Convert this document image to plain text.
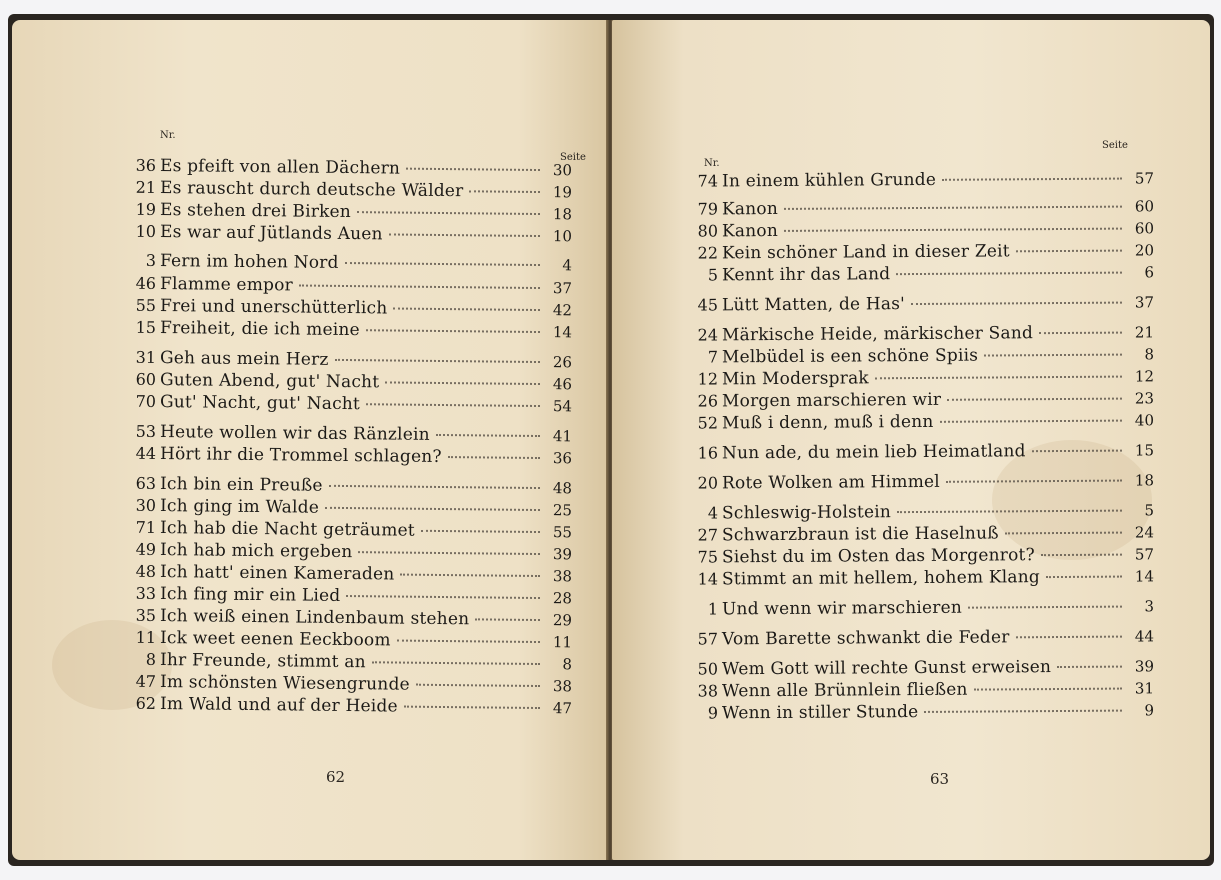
Nr.
Seite
36 Es pfeift von allen Dächern	30
21 Es rauscht durch deutsche Wälder	19
19 Es stehen drei Birken	18
10 Es war auf Jütlands Auen	10
3 Fern im hohen Nord	4
46 Flamme empor	37
55 Frei und unerschütterlich	42
15 Freiheit, die ich meine	14
31 Geh aus mein Herz	26
60 Guten Abend, gut' Nacht	46
70 Gut' Nacht, gut' Nacht	54
53 Heute wollen wir das Ränzlein	41
44 Hört ihr die Trommel schlagen?	36
63 Ich bin ein Preuße	48
30 Ich ging im Walde	25
71 Ich hab die Nacht geträumet	55
49 Ich hab mich ergeben	39
48 Ich hatt' einen Kameraden	38
33 Ich fing mir ein Lied	28
35 Ich weiß einen Lindenbaum stehen	29
11 Ick weet eenen Eeckboom	11
8 Ihr Freunde, stimmt an	8
47 Im schönsten Wiesengrunde	38
62 Im Wald und auf der Heide	47
62
Nr.
Seite
74 In einem kühlen Grunde	57
79 Kanon	60
80 Kanon	60
22 Kein schöner Land in dieser Zeit	20
5 Kennt ihr das Land	6
45 Lütt Matten, de Has'	37
24 Märkische Heide, märkischer Sand	21
7 Melbüdel is een schöne Spiis	8
12 Min Modersprak	12
26 Morgen marschieren wir	23
52 Muß i denn, muß i denn	40
16 Nun ade, du mein lieb Heimatland	15
20 Rote Wolken am Himmel	18
4 Schleswig-Holstein	5
27 Schwarzbraun ist die Haselnuß	24
75 Siehst du im Osten das Morgenrot?	57
14 Stimmt an mit hellem, hohem Klang	14
1 Und wenn wir marschieren	3
57 Vom Barette schwankt die Feder	44
50 Wem Gott will rechte Gunst erweisen	39
38 Wenn alle Brünnlein fließen	31
9 Wenn in stiller Stunde	9
63
